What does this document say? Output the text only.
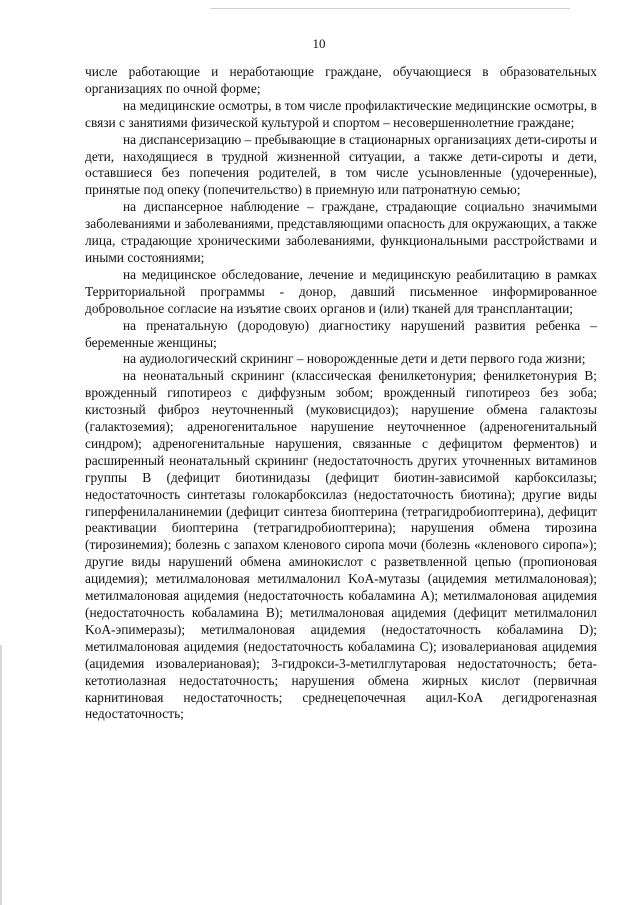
10

числе работающие и неработающие граждане, обучающиеся в образовательных организациях по очной форме;

на медицинские осмотры, в том числе профилактические медицинские осмотры, в связи с занятиями физической культурой и спортом – несовершеннолетние граждане;

на диспансеризацию – пребывающие в стационарных организациях дети-сироты и дети, находящиеся в трудной жизненной ситуации, а также дети-сироты и дети, оставшиеся без попечения родителей, в том числе усыновленные (удочеренные), принятые под опеку (попечительство) в приемную или патронатную семью;

на диспансерное наблюдение – граждане, страдающие социально значимыми заболеваниями и заболеваниями, представляющими опасность для окружающих, а также лица, страдающие хроническими заболеваниями, функциональными расстройствами и иными состояниями;

на медицинское обследование, лечение и медицинскую реабилитацию в рамках Территориальной программы - донор, давший письменное информированное добровольное согласие на изъятие своих органов и (или) тканей для трансплантации;

на пренатальную (дородовую) диагностику нарушений развития ребенка – беременные женщины;

на аудиологический скрининг – новорожденные дети и дети первого года жизни;

на неонатальный скрининг (классическая фенилкетонурия; фенилкетонурия B; врожденный гипотиреоз с диффузным зобом; врожденный гипотиреоз без зоба; кистозный фиброз неуточненный (муковисцидоз); нарушение обмена галактозы (галактоземия); адреногенитальное нарушение неуточненное (адреногенитальный синдром); адреногенитальные нарушения, связанные с дефицитом ферментов) и расширенный неонатальный скрининг (недостаточность других уточненных витаминов группы B (дефицит биотинидазы (дефицит биотин-зависимой карбоксилазы; недостаточность синтетазы голокарбоксилаз (недостаточность биотина); другие виды гиперфенилаланинемии (дефицит синтеза биоптерина (тетрагидробиоптерина), дефицит реактивации биоптерина (тетрагидробиоптерина); нарушения обмена тирозина (тирозинемия); болезнь с запахом кленового сиропа мочи (болезнь «кленового сиропа»); другие виды нарушений обмена аминокислот с разветвленной цепью (пропионовая ацидемия); метилмалоновая метилмалонил KoA-мутазы (ацидемия метилмалоновая); метилмалоновая ацидемия (недостаточность кобаламина A); метилмалоновая ацидемия (недостаточность кобаламина B); метилмалоновая ацидемия (дефицит метилмалонил KoA-эпимеразы); метилмалоновая ацидемия (недостаточность кобаламина D); метилмалоновая ацидемия (недостаточность кобаламина C); изовалериановая ацидемия (ацидемия изовалериановая); 3-гидрокси-3-метилглутаровая недостаточность; бета-кетотиолазная недостаточность; нарушения обмена жирных кислот (первичная карнитиновая недостаточность; среднецепочечная ацил-KoA дегидрогеназная недостаточность;
